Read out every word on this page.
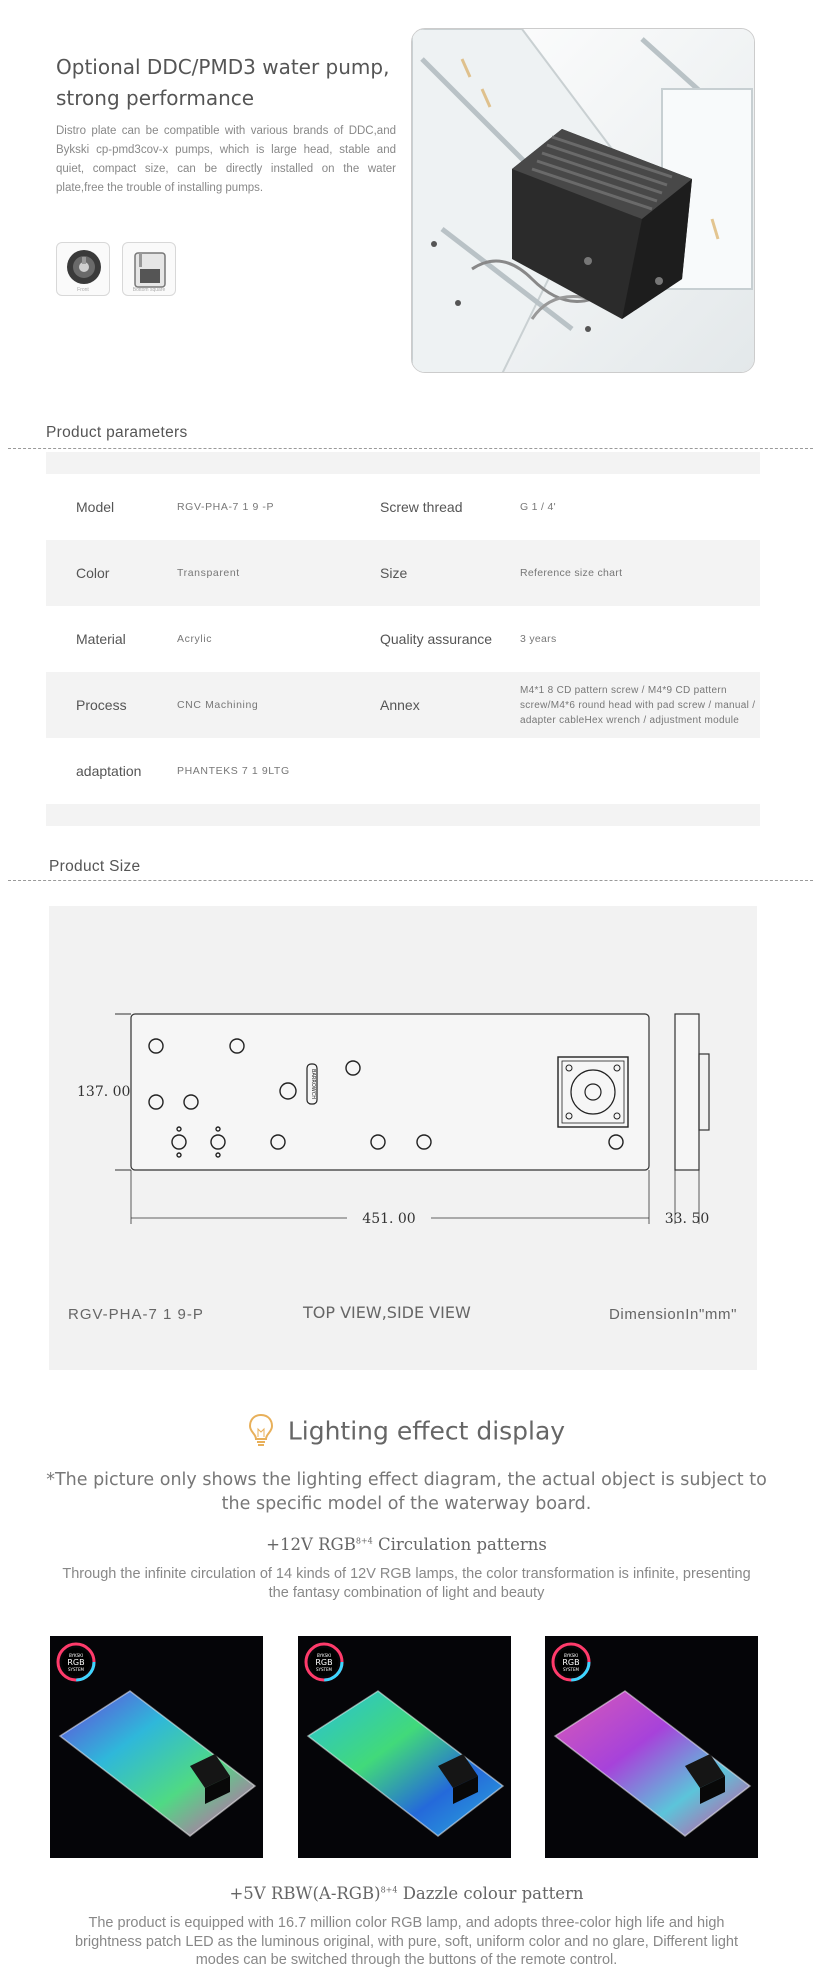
Optional DDC/PMD3 water pump, strong performance
Distro plate can be compatible with various brands of DDC,and Bykski cp-pmd3cov-x pumps, which is large head, stable and quiet, compact size, can be directly installed on the water plate,free the trouble of installing pumps.
Front	Bottom square
Product parameters
Model	RGV-PHA-7 1 9 -P	Screw thread	G 1 / 4'
Color	Transparent	Size	Reference size chart
Material	Acrylic	Quality assurance	3 years
Process	CNC Machining	Annex
M4*1 8 CD pattern screw / M4*9 CD pattern screw/M4*6 round head with pad screw / manual / adapter cableHex wrench / adjustment module
adaptation	PHANTEKS 7 1 9LTG
Product Size
BARROWCH
451. 00
137. 00
33. 50
RGV-PHA-7 1 9-P	TOP VIEW,SIDE VIEW	DimensionIn"mm"
Lighting effect display
*The picture only shows the lighting effect diagram, the actual object is subject to the specific model of the waterway board.
+12V $RGB^{8+4}$ Circulation patterns
Through the infinite circulation of 14 kinds of 12V RGB lamps, the color transformation is infinite, presenting the fantasy combination of light and beauty
BYKSKI
RGB
SYSTEM
BYKSKI
RGB
SYSTEM
BYKSKI
RGB
SYSTEM
+5V $RBW(A-RGB)^{8+4}$ Dazzle colour pattern
The product is equipped with 16.7 million color RGB lamp, and adopts three-color high life and high brightness patch LED as the luminous original, with pure, soft, uniform color and no glare, Different light modes can be switched through the buttons of the remote control.
